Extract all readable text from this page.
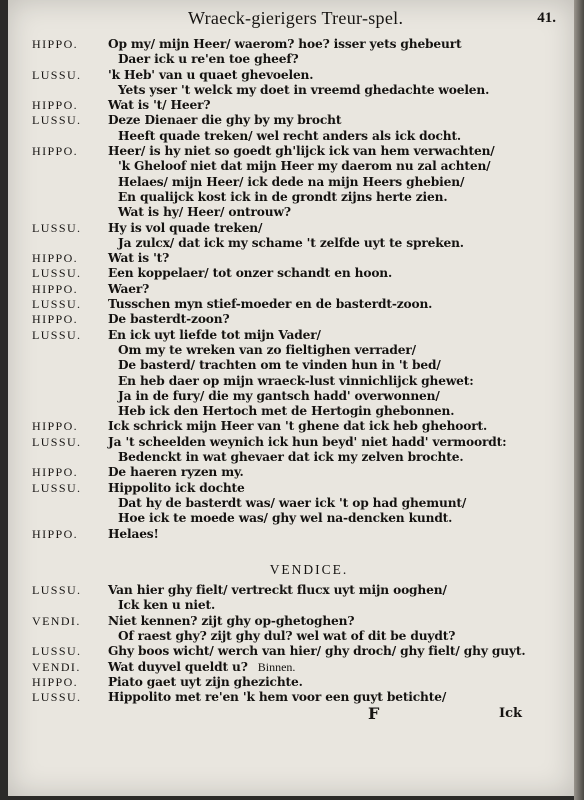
Wraeck-gierigers Treur-spel.	41.
HIPPO.	Op my/ mijn Heer/ waerom? hoe? isser yets ghebeurt
Daer ick u re'en toe gheef?
LUSSU.	'k Heb' van u quaet ghevoelen.
Yets yser 't welck my doet in vreemd ghedachte woelen.
HIPPO.	Wat is 't/ Heer?
LUSSU.	Deze Dienaer die ghy by my brocht
Heeft quade treken/ wel recht anders als ick docht.
HIPPO.	Heer/ is hy niet so goedt gh'lijck ick van hem verwachten/
'k Gheloof niet dat mijn Heer my daerom nu zal achten/
Helaes/ mijn Heer/ ick dede na mijn Heers ghebien/
En qualijck kost ick in de grondt zijns herte zien.
Wat is hy/ Heer/ ontrouw?
LUSSU.	Hy is vol quade treken/
Ja zulcx/ dat ick my schame 't zelfde uyt te spreken.
HIPPO.	Wat is 't?
LUSSU.	Een koppelaer/ tot onzer schandt en hoon.
HIPPO.	Waer?
LUSSU.	Tusschen myn stief-moeder en de basterdt-zoon.
HIPPO.	De basterdt-zoon?
LUSSU.	En ick uyt liefde tot mijn Vader/
Om my te wreken van zo fieltighen verrader/
De basterd/ trachten om te vinden hun in 't bed/
En heb daer op mijn wraeck-lust vinnichlijck ghewet:
Ja in de fury/ die my gantsch hadd' overwonnen/
Heb ick den Hertoch met de Hertogin ghebonnen.
HIPPO.	Ick schrick mijn Heer van 't ghene dat ick heb ghehoort.
LUSSU.	Ja 't scheelden weynich ick hun beyd' niet hadd' vermoordt:
Bedenckt in wat ghevaer dat ick my zelven brochte.
HIPPO.	De haeren ryzen my.
LUSSU.	Hippolito ick dochte
Dat hy de basterdt was/ waer ick 't op had ghemunt/
Hoe ick te moede was/ ghy wel na-dencken kundt.
HIPPO.	Helaes!
VENDICE.
LUSSU.	Van hier ghy fielt/ vertreckt flucx uyt mijn ooghen/
Ick ken u niet.
VENDI.	Niet kennen? zijt ghy op-ghetoghen?
Of raest ghy? zijt ghy dul? wel wat of dit be duydt?
LUSSU.	Ghy boos wicht/ werch van hier/ ghy droch/ ghy fielt/ ghy guyt.
VENDI.	Wat duyvel queldt u? Binnen.
HIPPO.	Piato gaet uyt zijn ghezichte.
LUSSU.	Hippolito met re'en 'k hem voor een guyt betichte/
F	Ick
